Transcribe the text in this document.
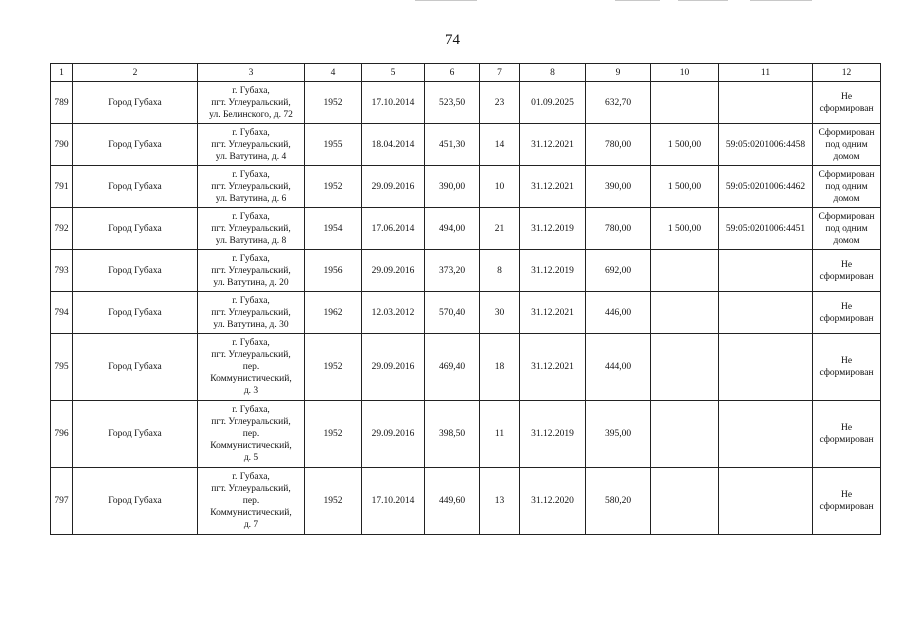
74
1	2	3	4	5	6	7	8	9	10	11	12
789	Город Губаха	г. Губаха,
пгт. Углеуральский,
ул. Белинского, д. 72	1952	17.10.2014	523,50	23	01.09.2025	632,70			Не
сформирован
790	Город Губаха	г. Губаха,
пгт. Углеуральский,
ул. Ватутина, д. 4	1955	18.04.2014	451,30	14	31.12.2021	780,00	1 500,00	59:05:0201006:4458	Сформирован
под одним
домом
791	Город Губаха	г. Губаха,
пгт. Углеуральский,
ул. Ватутина, д. 6	1952	29.09.2016	390,00	10	31.12.2021	390,00	1 500,00	59:05:0201006:4462	Сформирован
под одним
домом
792	Город Губаха	г. Губаха,
пгт. Углеуральский,
ул. Ватутина, д. 8	1954	17.06.2014	494,00	21	31.12.2019	780,00	1 500,00	59:05:0201006:4451	Сформирован
под одним
домом
793	Город Губаха	г. Губаха,
пгт. Углеуральский,
ул. Ватутина, д. 20	1956	29.09.2016	373,20	8	31.12.2019	692,00			Не
сформирован
794	Город Губаха	г. Губаха,
пгт. Углеуральский,
ул. Ватутина, д. 30	1962	12.03.2012	570,40	30	31.12.2021	446,00			Не
сформирован
795	Город Губаха	г. Губаха,
пгт. Углеуральский,
пер.
Коммунистический,
д. 3	1952	29.09.2016	469,40	18	31.12.2021	444,00			Не
сформирован
796	Город Губаха	г. Губаха,
пгт. Углеуральский,
пер.
Коммунистический,
д. 5	1952	29.09.2016	398,50	11	31.12.2019	395,00			Не
сформирован
797	Город Губаха	г. Губаха,
пгт. Углеуральский,
пер.
Коммунистический,
д. 7	1952	17.10.2014	449,60	13	31.12.2020	580,20			Не
сформирован
